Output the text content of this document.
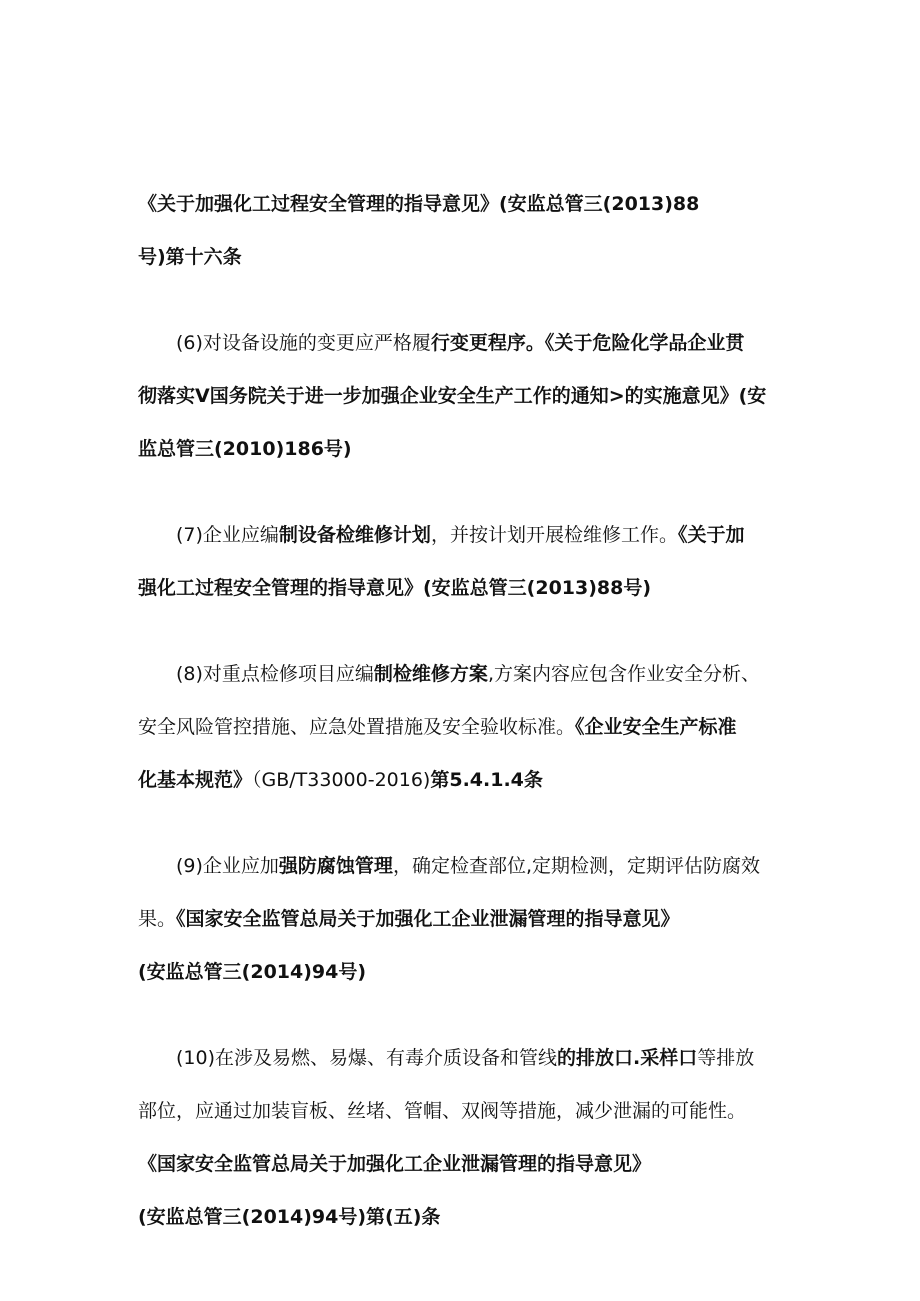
《关于加强化工过程安全管理的指导意见》(安监总管三(2013)88
号)第十六条
(6)对设备设施的变更应严格履行变更程序。《关于危险化学品企业贯
彻落实V国务院关于进一步加强企业安全生产工作的通知>的实施意见》(安
监总管三(2010)186号)
(7)企业应编制设备检维修计划，并按计划开展检维修工作。《关于加
强化工过程安全管理的指导意见》(安监总管三(2013)88号)
(8)对重点检修项目应编制检维修方案,方案内容应包含作业安全分析、
安全风险管控措施、应急处置措施及安全验收标准。《企业安全生产标准
化基本规范》（GB/T33000-2016)第5.4.1.4条
(9)企业应加强防腐蚀管理，确定检查部位,定期检测，定期评估防腐效
果。《国家安全监管总局关于加强化工企业泄漏管理的指导意见》
(安监总管三(2014)94号)
(10)在涉及易燃、易爆、有毒介质设备和管线的排放口.采样口等排放
部位，应通过加装盲板、丝堵、管帽、双阀等措施，减少泄漏的可能性。
《国家安全监管总局关于加强化工企业泄漏管理的指导意见》
(安监总管三(2014)94号)第(五)条
